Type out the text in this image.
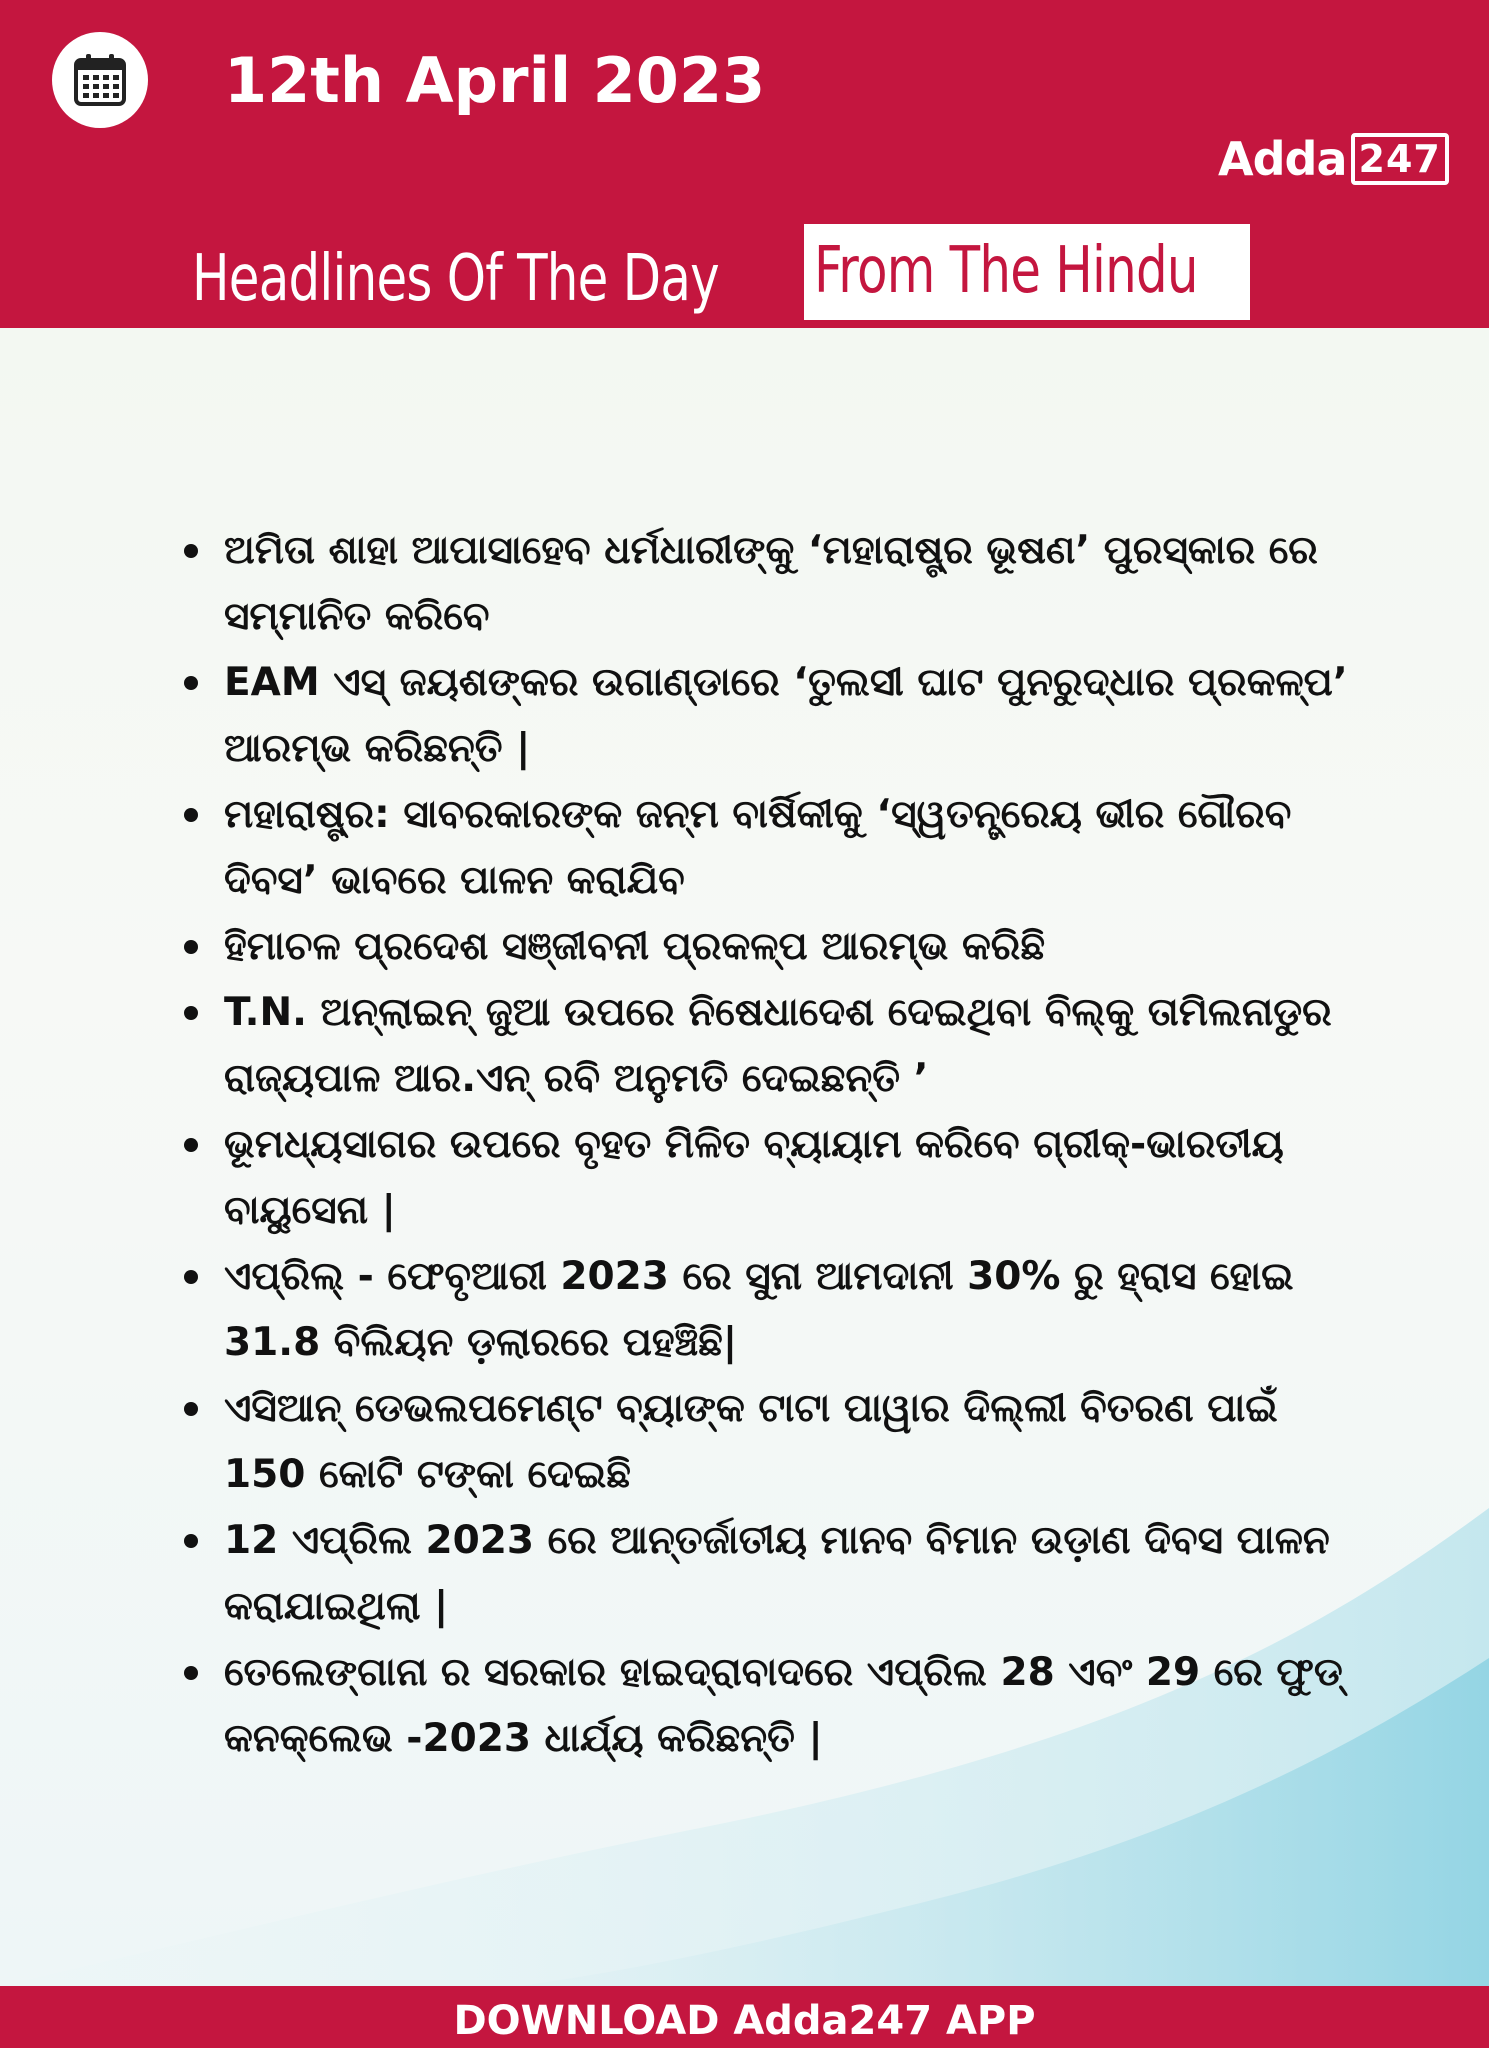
12th April 2023
Adda 247
Headlines Of The Day From The Hindu
ଅମିତା ଶାହା ଆପାସାହେବ ଧର୍ମଧାରୀଙ୍କୁ ‘ମହାରାଷ୍ଟ୍ର ଭୂଷଣ’ ପୁରସ୍କାର ରେ ସମ୍ମାନିତ କରିବେ
EAM ଏସ୍ ଜୟଶଙ୍କର ଉଗାଣ୍ଡାରେ ‘ତୁଲସୀ ଘାଟ ପୁନରୁଦ୍ଧାର ପ୍ରକଳ୍ପ’ ଆରମ୍ଭ କରିଛନ୍ତି |
ମହାରାଷ୍ଟ୍ର: ସାବରକାରଙ୍କ ଜନ୍ମ ବାର୍ଷିକୀକୁ ‘ସ୍ୱତନ୍ତ୍ରେୟ ଭୀର ଗୌରବ ଦିବସ’ ଭାବରେ ପାଳନ କରାଯିବ
ହିମାଚଳ ପ୍ରଦେଶ ସଞ୍ଜୀବନୀ ପ୍ରକଳ୍ପ ଆରମ୍ଭ କରିଛି
T.N. ଅନ୍ଲାଇନ୍ ଜୁଆ ଉପରେ ନିଷେଧାଦେଶ ଦେଇଥିବା ବିଲ୍କୁ ତାମିଲନାଡୁର ରାଜ୍ୟପାଳ ଆର.ଏନ୍ ରବି ଅନୁମତି ଦେଇଛନ୍ତି ’
ଭୂମଧ୍ୟସାଗର ଉପରେ ବୃହତ ମିଳିତ ବ୍ୟାୟାମ କରିବେ ଗ୍ରୀକ୍-ଭାରତୀୟ ବାୟୁସେନା |
ଏପ୍ରିଲ୍ - ଫେବୃଆରୀ 2023 ରେ ସୁନା ଆମଦାନୀ 30% ରୁ ହ୍ରାସ ହୋଇ 31.8 ବିଲିୟନ ଡ଼ଲାରରେ ପହଞ୍ଚିଛି|
ଏସିଆନ୍ ଡେଭଲପମେଣ୍ଟ ବ୍ୟାଙ୍କ ଟାଟା ପାୱାର ଦିଲ୍ଲୀ ବିତରଣ ପାଇଁ 150 କୋଟି ଟଙ୍କା ଦେଇଛି
12 ଏପ୍ରିଲ 2023 ରେ ଆନ୍ତର୍ଜାତୀୟ ମାନବ ବିମାନ ଉଡ଼ାଣ ଦିବସ ପାଳନ କରାଯାଇଥିଲା |
ତେଲେଙ୍ଗାନା ର ସରକାର ହାଇଦ୍ରାବାଦରେ ଏପ୍ରିଲ 28 ଏବଂ 29 ରେ ଫୁଡ୍ କନକ୍ଲେଭ -2023 ଧାର୍ଯ୍ୟ କରିଛନ୍ତି |
DOWNLOAD Adda247 APP
